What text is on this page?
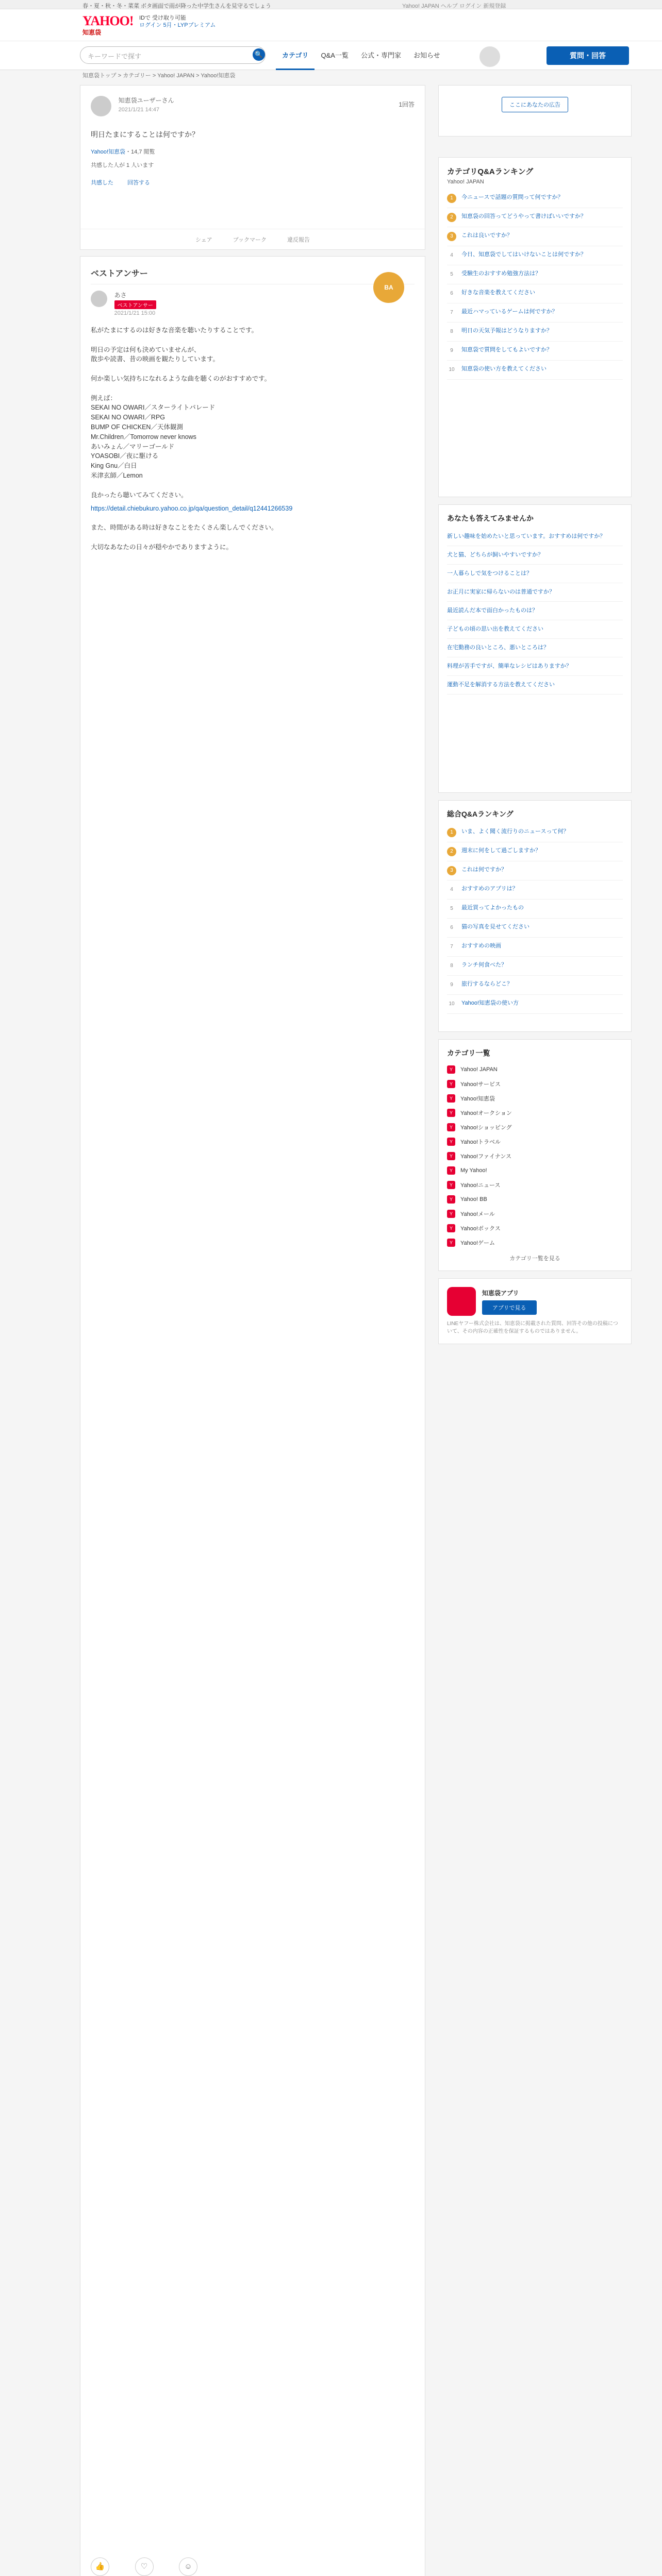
春・夏・秋・冬・菜菜 ボタ画面で雨が降った中学生さんを見守るでしょう	Yahoo! JAPAN ヘルプ ログイン 新規登録
YAHOO!
知恵袋
IDで 受け取り可能
ログイン 5月・LYPプレミアム
キーワードで探す	🔍	カテゴリ	Q&A一覧	公式・専門家	お知らせ	質問・回答
知恵袋トップ > カテゴリー > Yahoo! JAPAN > Yahoo!知恵袋

知恵袋ユーザーさん
2021/1/21 14:47
1回答
明日たまにすることは何ですか？
Yahoo!知恵袋・14,7 閲覧
共感した人が 1 人います
共感した 回答する
シェア	ブックマーク	違反報告
ベストアンサー
BA

あさ
ベストアンサー
2021/1/21 15:00
私がたまにするのは好きな音楽を聴いたりすることです。

明日の予定は何も決めていませんが、
散歩や読書、昔の映画を観たりしています。

何か楽しい気持ちになれるような曲を聴くのがおすすめです。

例えば：
SEKAI NO OWARI／スターライトパレード
SEKAI NO OWARI／RPG
BUMP OF CHICKEN／天体観測
Mr.Children／Tomorrow never knows
あいみょん／マリーゴールド
YOASOBI／夜に駆ける
King Gnu／白日
米津玄師／Lemon

良かったら聴いてみてください。
https://detail.chiebukuro.yahoo.co.jp/qa/question_detail/q12441266539
また、時間がある時は好きなことをたくさん楽しんでください。

大切なあなたの日々が穏やかでありますように。
👍	♡	☺
ここにあなたの広告
カテゴリQ&Aランキング
Yahoo! JAPAN
1	今ニュースで話題の質問って何ですか？
2	知恵袋の回答ってどうやって書けばいいですか？
3	これは良いですか？
4	今日、知恵袋でしてはいけないことは何ですか？
5	受験生のおすすめ勉強方法は？
6	好きな音楽を教えてください
7	最近ハマっているゲームは何ですか？
8	明日の天気予報はどうなりますか？
9	知恵袋で質問をしてもよいですか？
10	知恵袋の使い方を教えてください
あなたも答えてみませんか
新しい趣味を始めたいと思っています。おすすめは何ですか？
犬と猫、どちらが飼いやすいですか？
一人暮らしで気をつけることは？
お正月に実家に帰らないのは普通ですか？
最近読んだ本で面白かったものは？
子どもの頃の思い出を教えてください
在宅勤務の良いところ、悪いところは？
料理が苦手ですが、簡単なレシピはありますか？
運動不足を解消する方法を教えてください
総合Q&Aランキング
1	いま、よく聞く流行りのニュースって何？
2	週末に何をして過ごしますか？
3	これは何ですか？
4	おすすめのアプリは？
5	最近買ってよかったもの
6	猫の写真を見せてください
7	おすすめの映画
8	ランチ何食べた？
9	旅行するならどこ？
10	Yahoo!知恵袋の使い方
カテゴリ一覧
Y	Yahoo! JAPAN
Y	Yahoo!サービス
Y	Yahoo!知恵袋
Y	Yahoo!オークション
Y	Yahoo!ショッピング
Y	Yahoo!トラベル
Y	Yahoo!ファイナンス
Y	My Yahoo!
Y	Yahoo!ニュース
Y	Yahoo! BB
Y	Yahoo!メール
Y	Yahoo!ボックス
Y	Yahoo!ゲーム
カテゴリ一覧を見る
知恵袋アプリ
アプリで見る
LINEヤフー株式会社は、知恵袋に掲載された質問、回答その他の投稿について、その内容の正確性を保証するものではありません。
